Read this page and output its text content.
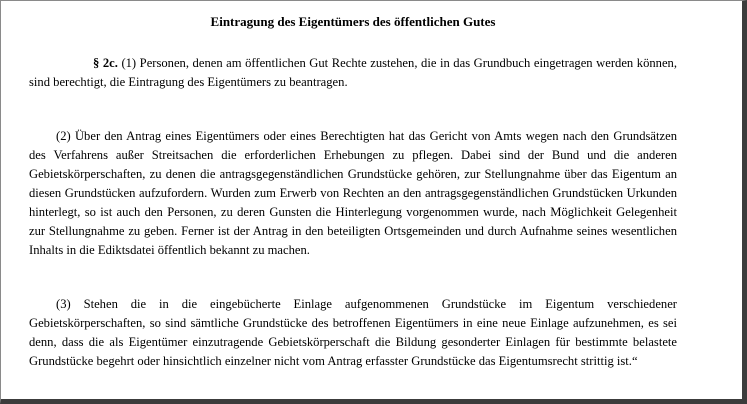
Eintragung des Eigentümers des öffentlichen Gutes

§ 2c. (1) Personen, denen am öffentlichen Gut Rechte zustehen, die in das Grundbuch eingetragen werden können, sind berechtigt, die Eintragung des Eigentümers zu beantragen.

(2) Über den Antrag eines Eigentümers oder eines Berechtigten hat das Gericht von Amts wegen nach den Grundsätzen des Verfahrens außer Streitsachen die erforderlichen Erhebungen zu pflegen. Dabei sind der Bund und die anderen Gebietskörperschaften, zu denen die antragsgegenständlichen Grundstücke gehören, zur Stellungnahme über das Eigentum an diesen Grundstücken aufzufordern. Wurden zum Erwerb von Rechten an den antragsgegenständlichen Grundstücken Urkunden hinterlegt, so ist auch den Personen, zu deren Gunsten die Hinterlegung vorgenommen wurde, nach Möglichkeit Gelegenheit zur Stellungnahme zu geben. Ferner ist der Antrag in den beteiligten Ortsgemeinden und durch Aufnahme seines wesentlichen Inhalts in die Ediktsdatei öffentlich bekannt zu machen.

(3) Stehen die in die eingebücherte Einlage aufgenommenen Grundstücke im Eigentum verschiedener Gebietskörperschaften, so sind sämtliche Grundstücke des betroffenen Eigentümers in eine neue Einlage aufzunehmen, es sei denn, dass die als Eigentümer einzutragende Gebietskörperschaft die Bildung gesonderter Einlagen für bestimmte belastete Grundstücke begehrt oder hinsichtlich einzelner nicht vom Antrag erfasster Grundstücke das Eigentumsrecht strittig ist.“
